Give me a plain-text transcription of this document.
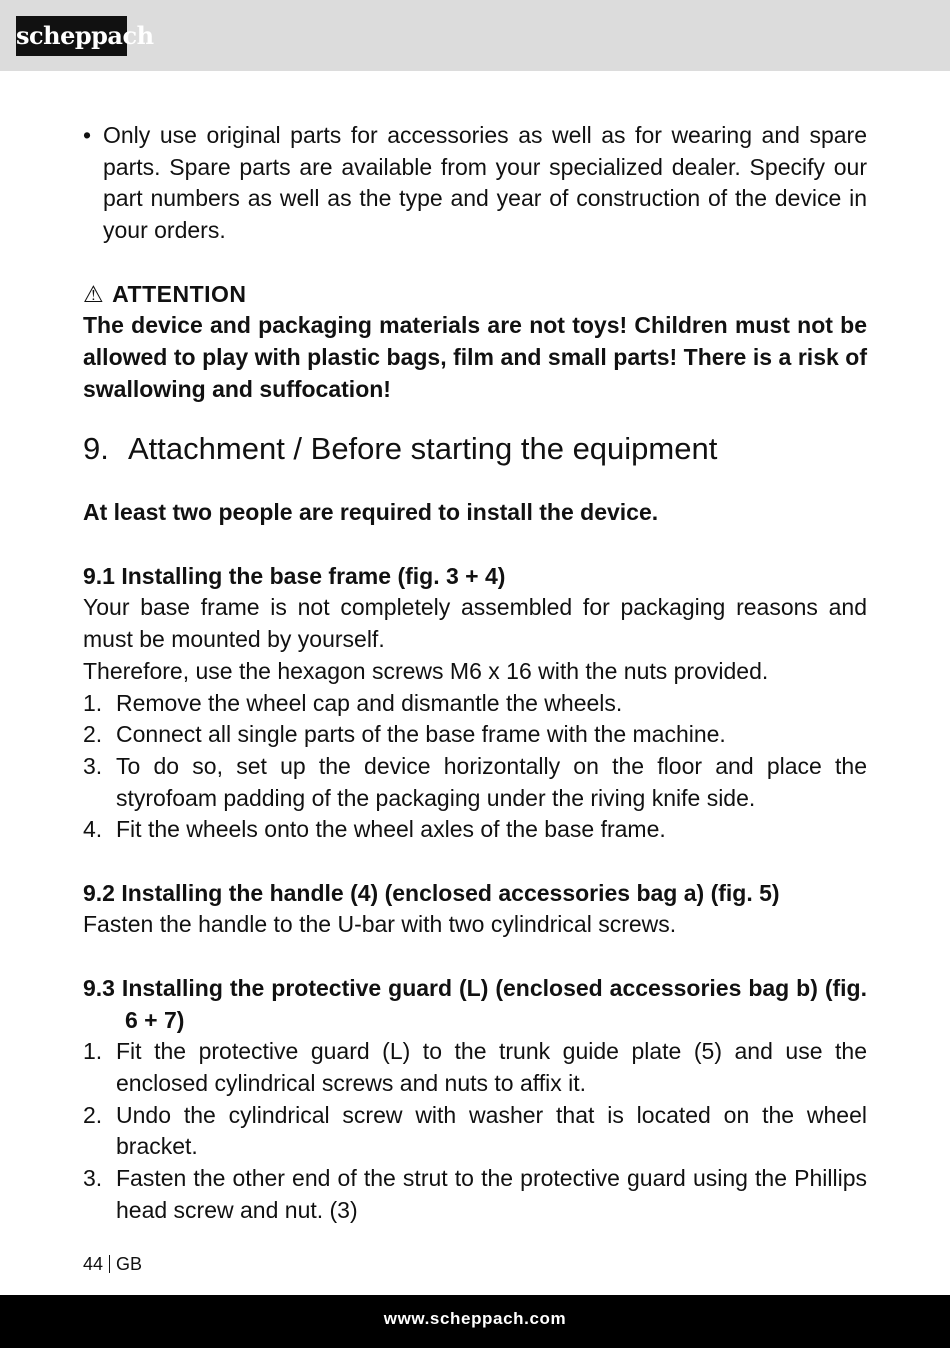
scheppach
• Only use original parts for accessories as well as for wearing and spare parts. Spare parts are available from your specialized dealer. Specify our part numbers as well as the type and year of construction of the device in your orders.
⚠ ATTENTION
The device and packaging materials are not toys! Children must not be allowed to play with plastic bags, film and small parts! There is a risk of swallowing and suffocation!
9. Attachment / Before starting the equipment
At least two people are required to install the device.
9.1 Installing the base frame (fig. 3 + 4)
Your base frame is not completely assembled for packaging reasons and must be mounted by yourself.
Therefore, use the hexagon screws M6 x 16 with the nuts provided.
1. Remove the wheel cap and dismantle the wheels.
2. Connect all single parts of the base frame with the machine.
3. To do so, set up the device horizontally on the floor and place the styrofoam padding of the packaging under the riving knife side.
4. Fit the wheels onto the wheel axles of the base frame.
9.2 Installing the handle (4) (enclosed accessories bag a) (fig. 5)
Fasten the handle to the U-bar with two cylindrical screws.
9.3 Installing the protective guard (L) (enclosed accessories bag b) (fig. 6 + 7)
1. Fit the protective guard (L) to the trunk guide plate (5) and use the enclosed cylindrical screws and nuts to affix it.
2. Undo the cylindrical screw with washer that is located on the wheel bracket.
3. Fasten the other end of the strut to the protective guard using the Phillips head screw and nut. (3)
44 GB
www.scheppach.com
